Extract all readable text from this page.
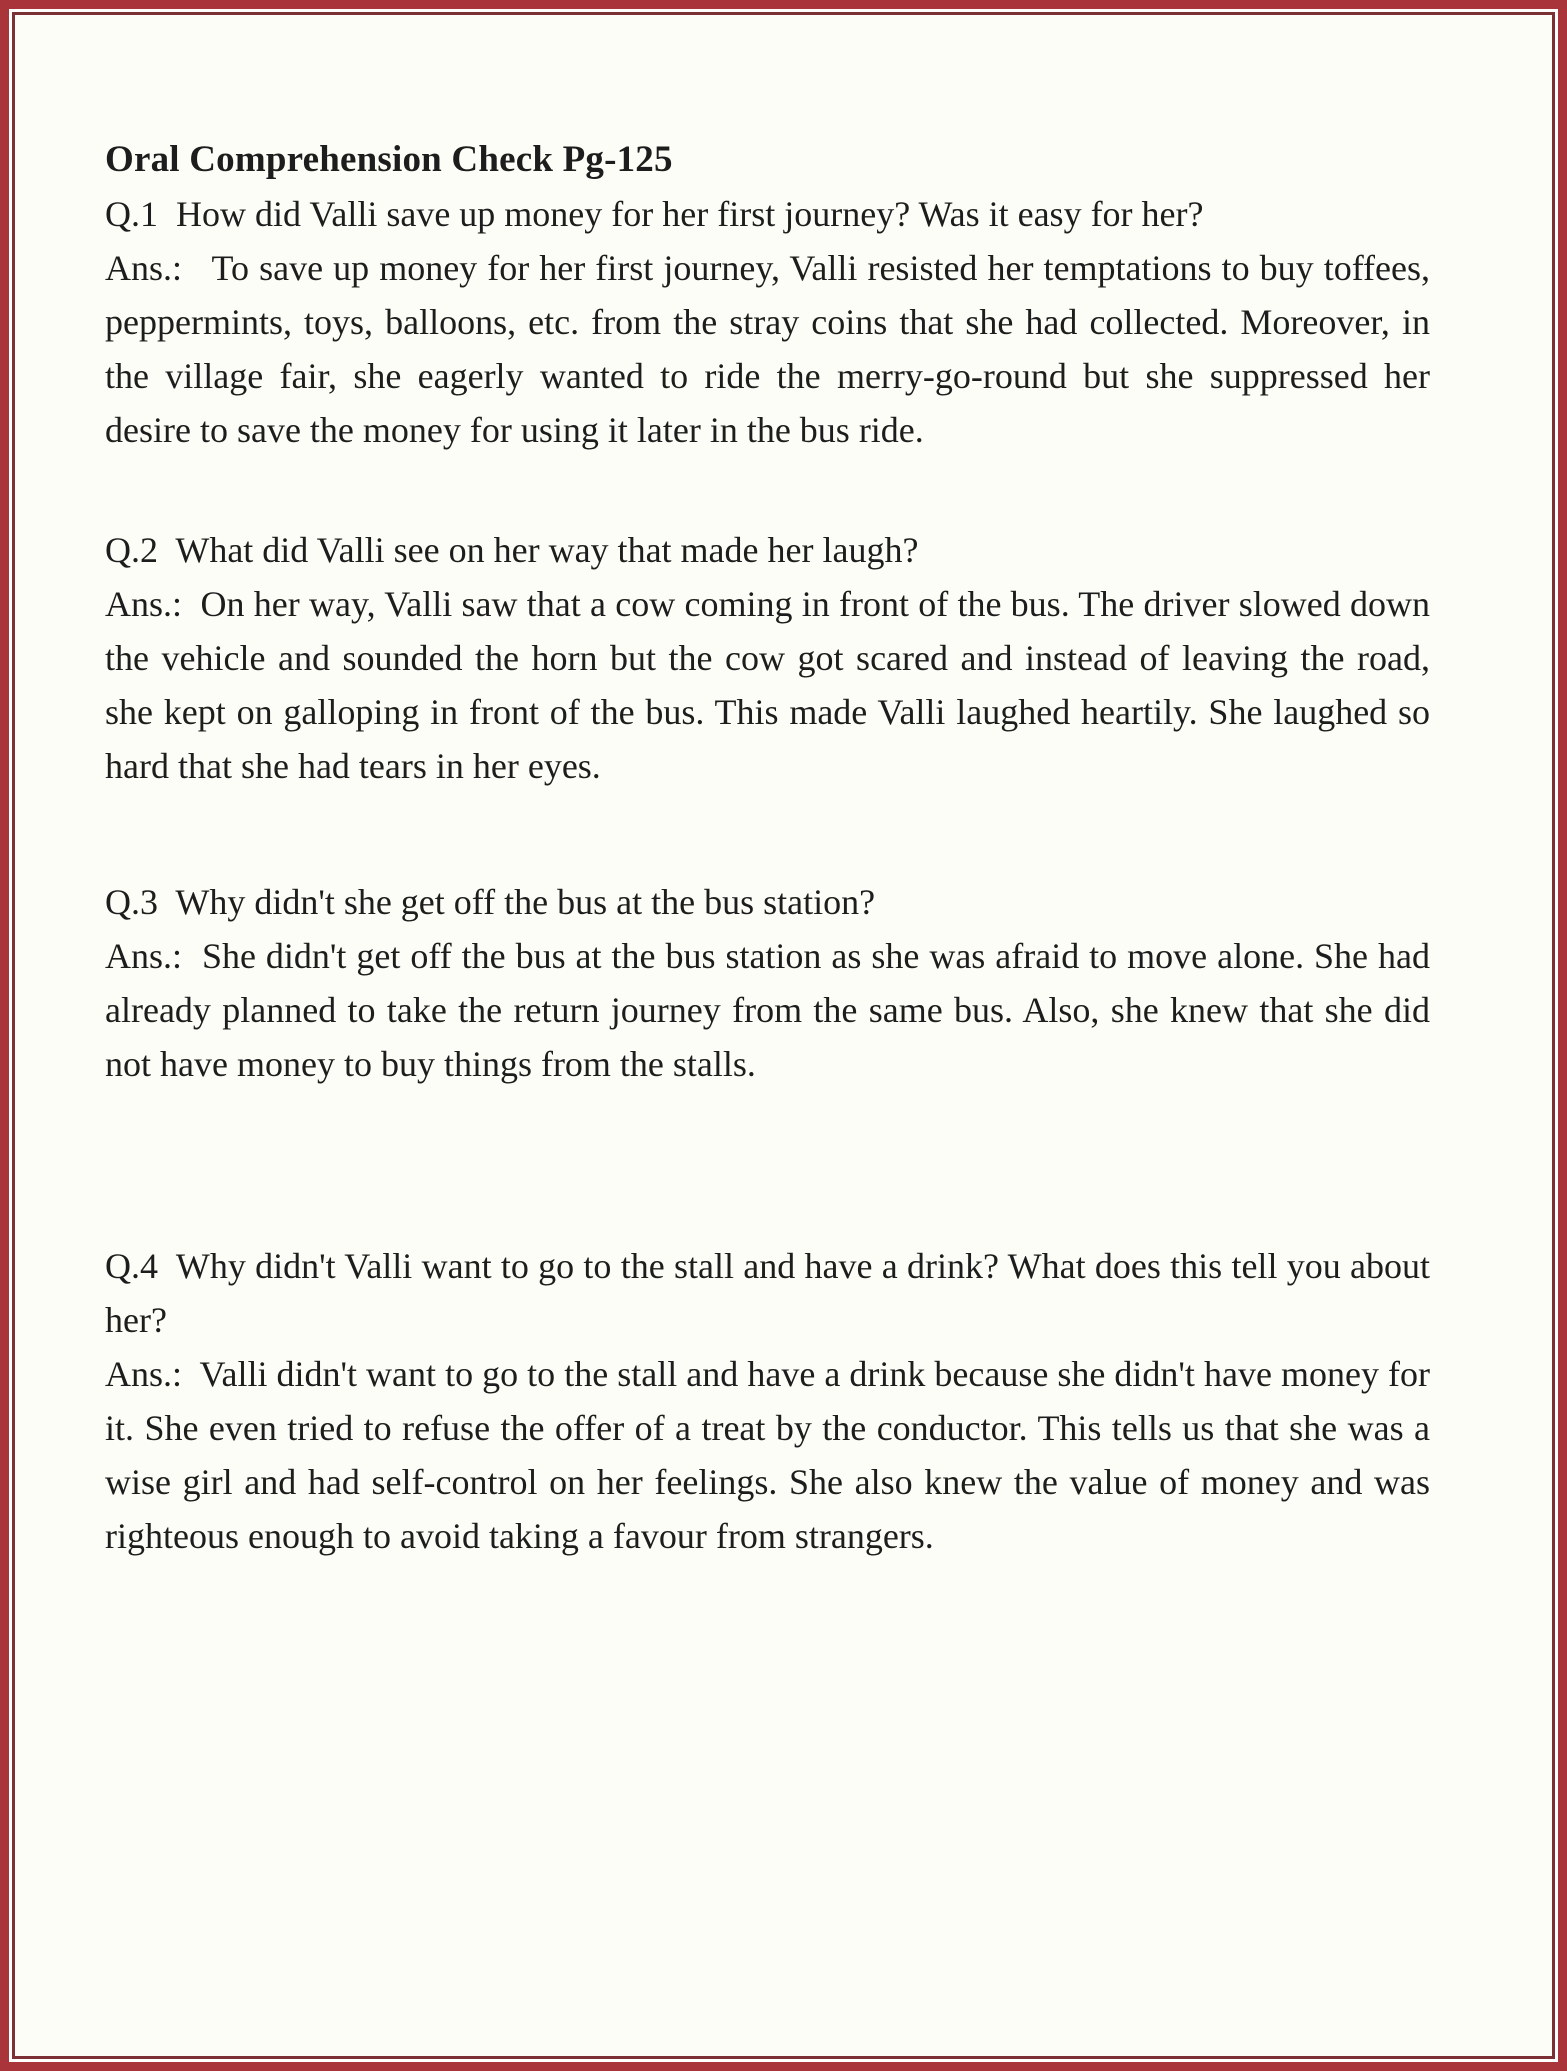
Oral Comprehension Check Pg-125

Q.1  How did Valli save up money for her first journey? Was it easy for her?

Ans.:   To save up money for her first journey, Valli resisted her temptations to buy toffees, peppermints, toys, balloons, etc. from the stray coins that she had collected. Moreover, in the village fair, she eagerly wanted to ride the merry-go-round but she suppressed her desire to save the money for using it later in the bus ride.

Q.2  What did Valli see on her way that made her laugh?

Ans.:  On her way, Valli saw that a cow coming in front of the bus. The driver slowed down the vehicle and sounded the horn but the cow got scared and instead of leaving the road, she kept on galloping in front of the bus. This made Valli laughed heartily. She laughed so hard that she had tears in her eyes.

Q.3  Why didn't she get off the bus at the bus station?

Ans.:  She didn't get off the bus at the bus station as she was afraid to move alone. She had already planned to take the return journey from the same bus. Also, she knew that she did not have money to buy things from the stalls.

Q.4  Why didn't Valli want to go to the stall and have a drink? What does this tell you about her?

Ans.:  Valli didn't want to go to the stall and have a drink because she didn't have money for it. She even tried to refuse the offer of a treat by the conductor. This tells us that she was a wise girl and had self-control on her feelings. She also knew the value of money and was righteous enough to avoid taking a favour from strangers.
